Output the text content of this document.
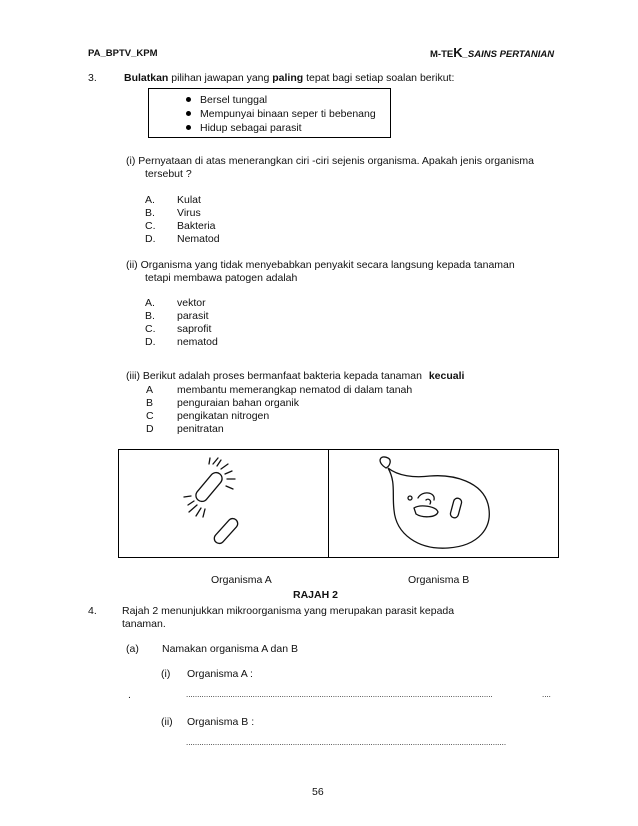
PA_BPTV_KPM	M-TEK_SAINS PERTANIAN
3.	Bulatkan pilihan jawapan yang paling tepat bagi setiap soalan berikut:
Bersel tunggal
Mempunyai binaan seper ti bebenang
Hidup sebagai parasit
(i) Pernyataan di atas menerangkan ciri -ciri sejenis organisma. Apakah jenis organisma
tersebut ?
A. Kulat
B. Virus
C. Bakteria
D. Nematod
(ii) Organisma yang tidak menyebabkan penyakit secara langsung kepada tanaman
tetapi membawa patogen adalah
A. vektor
B. parasit
C. saprofit
D. nematod
(iii) Berikut adalah proses bermanfaat bakteria kepada tanaman kecuali
A membantu memerangkap nematod di dalam tanah
B penguraian bahan organik
C pengikatan nitrogen
D penitratan
Organisma A	Organisma B
RAJAH 2
4. Rajah 2 menunjukkan mikroorganisma yang merupakan parasit kepada
tanaman.
(a) Namakan organisma A dan B
(i) Organisma A :
.	..........................................................................................................................................	....
(ii) Organisma B :
................................................................................................................................................
56
